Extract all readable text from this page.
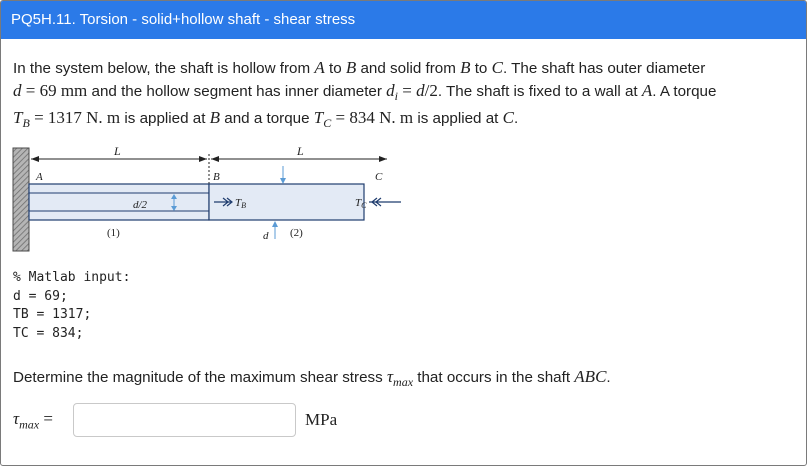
PQ5H.11. Torsion - solid+hollow shaft - shear stress
In the system below, the shaft is hollow from A to B and solid from B to C. The shaft has outer diameter
d = 69 mm and the hollow segment has inner diameter $d_i = d/2$. The shaft is fixed to a wall at A. A torque
$T_B = 1317$ N. m is applied at B and a torque $T_C = 834$ N. m is applied at C.
L	L
A	B	C
d/2	TB	TC
d
(1)	(2)
% Matlab input:
d = 69;
TB = 1317;
TC = 834;
Determine the magnitude of the maximum shear stress $\tau_{max}$ that occurs in the shaft ABC.
$\tau_{max}$ =	MPa
